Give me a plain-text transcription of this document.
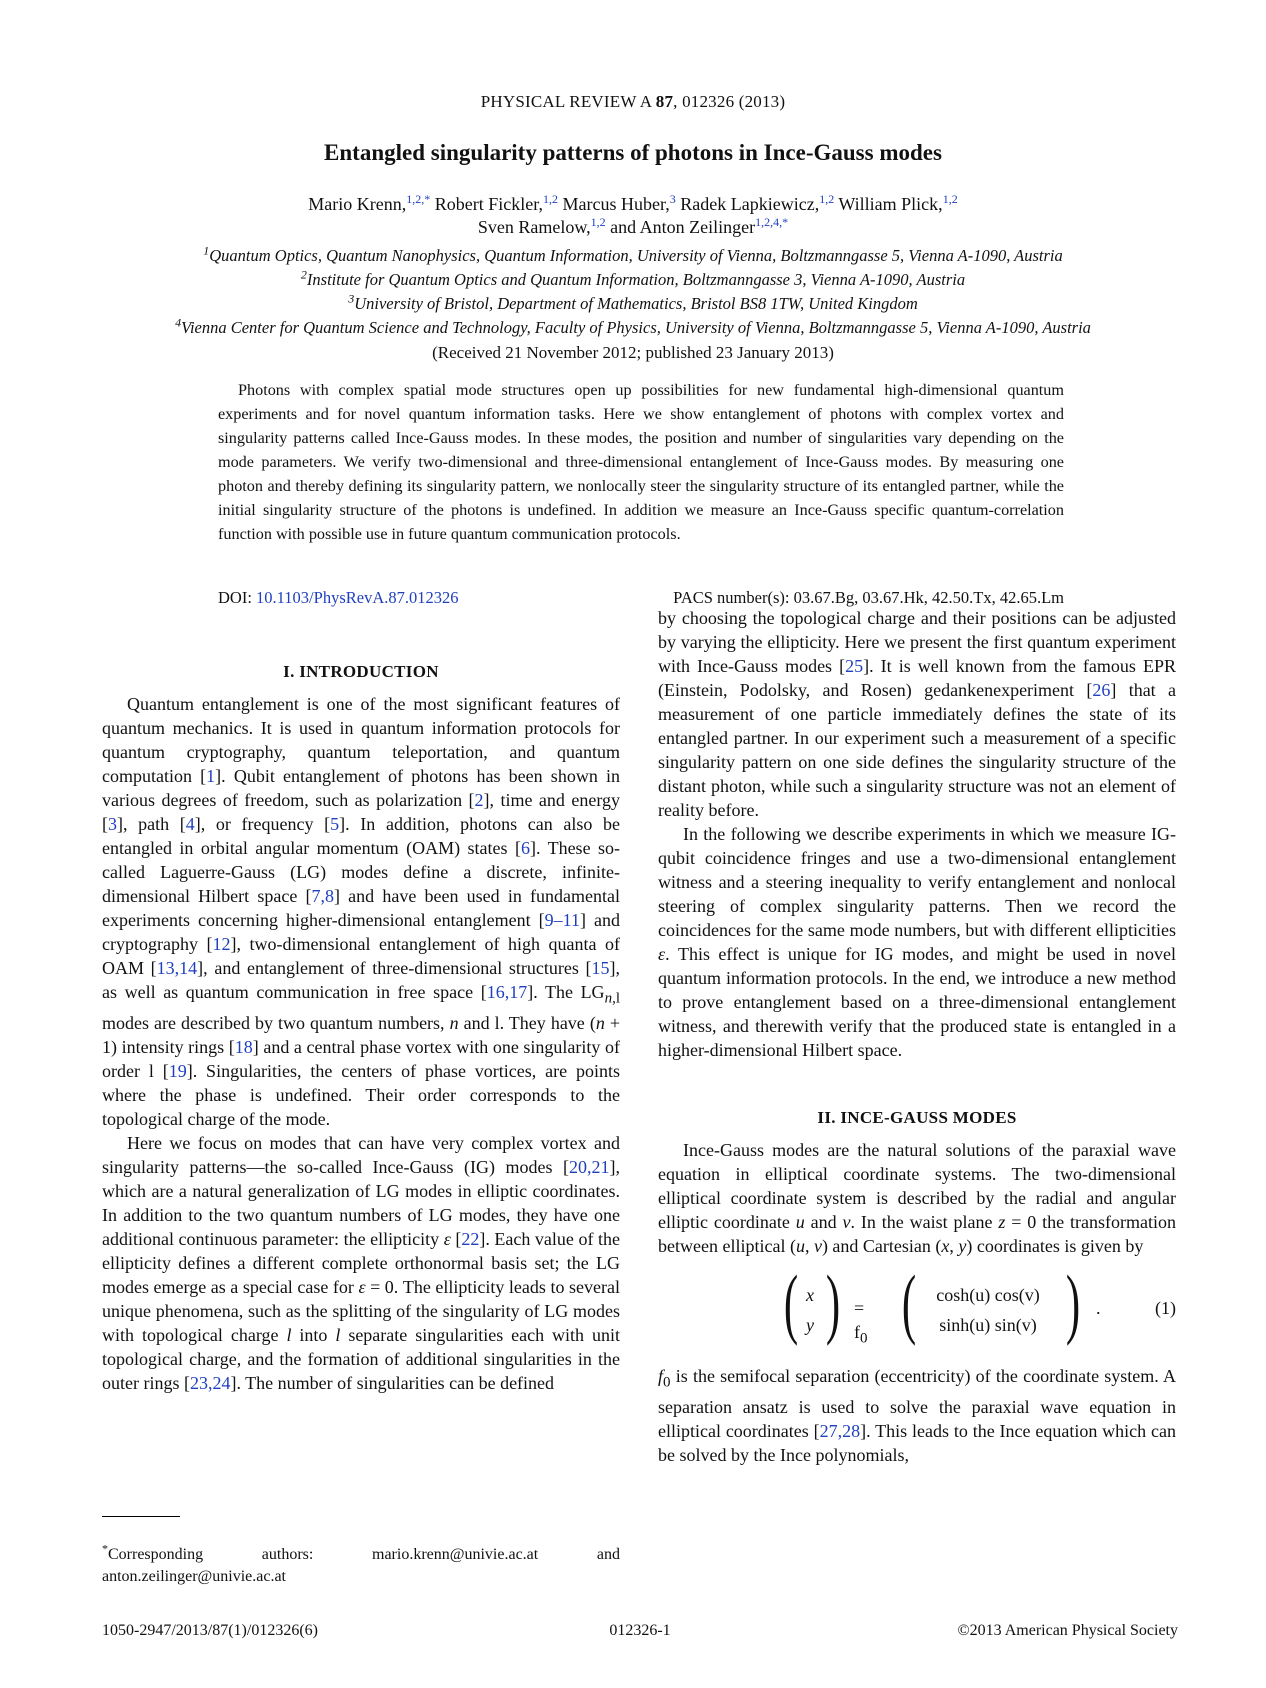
PHYSICAL REVIEW A 87, 012326 (2013)
Entangled singularity patterns of photons in Ince-Gauss modes
Mario Krenn,$^{1,2,*}$ Robert Fickler,$^{1,2}$ Marcus Huber,$^3$ Radek Lapkiewicz,$^{1,2}$ William Plick,$^{1,2}$
Sven Ramelow,$^{1,2}$ and Anton Zeilinger$^{1,2,4,*}$
$^1$Quantum Optics, Quantum Nanophysics, Quantum Information, University of Vienna, Boltzmanngasse 5, Vienna A-1090, Austria
$^2$Institute for Quantum Optics and Quantum Information, Boltzmanngasse 3, Vienna A-1090, Austria
$^3$University of Bristol, Department of Mathematics, Bristol BS8 1TW, United Kingdom
$^4$Vienna Center for Quantum Science and Technology, Faculty of Physics, University of Vienna, Boltzmanngasse 5, Vienna A-1090, Austria
(Received 21 November 2012; published 23 January 2013)
Photons with complex spatial mode structures open up possibilities for new fundamental high-dimensional quantum experiments and for novel quantum information tasks. Here we show entanglement of photons with complex vortex and singularity patterns called Ince-Gauss modes. In these modes, the position and number of singularities vary depending on the mode parameters. We verify two-dimensional and three-dimensional entanglement of Ince-Gauss modes. By measuring one photon and thereby defining its singularity pattern, we nonlocally steer the singularity structure of its entangled partner, while the initial singularity structure of the photons is undefined. In addition we measure an Ince-Gauss specific quantum-correlation function with possible use in future quantum communication protocols.
DOI: 10.1103/PhysRevA.87.012326	PACS number(s): 03.67.Bg, 03.67.Hk, 42.50.Tx, 42.65.Lm
I. INTRODUCTION

Quantum entanglement is one of the most significant features of quantum mechanics. It is used in quantum information protocols for quantum cryptography, quantum teleportation, and quantum computation [1]. Qubit entanglement of photons has been shown in various degrees of freedom, such as polarization [2], time and energy [3], path [4], or frequency [5]. In addition, photons can also be entangled in orbital angular momentum (OAM) states [6]. These so-called Laguerre-Gauss (LG) modes define a discrete, infinite-dimensional Hilbert space [7,8] and have been used in fundamental experiments concerning higher-dimensional entanglement [9–11] and cryptography [12], two-dimensional entanglement of high quanta of OAM [13,14], and entanglement of three-dimensional structures [15], as well as quantum communication in free space [16,17]. The $LG_{n,l}$ modes are described by two quantum numbers, n and l. They have (n + 1) intensity rings [18] and a central phase vortex with one singularity of order l [19]. Singularities, the centers of phase vortices, are points where the phase is undefined. Their order corresponds to the topological charge of the mode.

Here we focus on modes that can have very complex vortex and singularity patterns—the so-called Ince-Gauss (IG) modes [20,21], which are a natural generalization of LG modes in elliptic coordinates. In addition to the two quantum numbers of LG modes, they have one additional continuous parameter: the ellipticity ε [22]. Each value of the ellipticity defines a different complete orthonormal basis set; the LG modes emerge as a special case for ε = 0. The ellipticity leads to several unique phenomena, such as the splitting of the singularity of LG modes with topological charge l into l separate singularities each with unit topological charge, and the formation of additional singularities in the outer rings [23,24]. The number of singularities can be defined

by choosing the topological charge and their positions can be adjusted by varying the ellipticity. Here we present the first quantum experiment with Ince-Gauss modes [25]. It is well known from the famous EPR (Einstein, Podolsky, and Rosen) gedankenexperiment [26] that a measurement of one particle immediately defines the state of its entangled partner. In our experiment such a measurement of a specific singularity pattern on one side defines the singularity structure of the distant photon, while such a singularity structure was not an element of reality before.

In the following we describe experiments in which we measure IG-qubit coincidence fringes and use a two-dimensional entanglement witness and a steering inequality to verify entanglement and nonlocal steering of complex singularity patterns. Then we record the coincidences for the same mode numbers, but with different ellipticities ε. This effect is unique for IG modes, and might be used in novel quantum information protocols. In the end, we introduce a new method to prove entanglement based on a three-dimensional entanglement witness, and therewith verify that the produced state is entangled in a higher-dimensional Hilbert space.

II. INCE-GAUSS MODES

Ince-Gauss modes are the natural solutions of the paraxial wave equation in elliptical coordinate systems. The two-dimensional elliptical coordinate system is described by the radial and angular elliptic coordinate u and v. In the waist plane z = 0 the transformation between elliptical (u, v) and Cartesian (x, y) coordinates is given by

( x
y ) = $f_0$ (	cosh(u) cos(v)
sinh(u) sin(v) ) .	(1)

$f_0$ is the semifocal separation (eccentricity) of the coordinate system. A separation ansatz is used to solve the paraxial wave equation in elliptical coordinates [27,28]. This leads to the Ince equation which can be solved by the Ince polynomials,

*Corresponding authors: mario.krenn@univie.ac.at and anton.zeilinger@univie.ac.at
1050-2947/2013/87(1)/012326(6)	012326-1	©2013 American Physical Society
